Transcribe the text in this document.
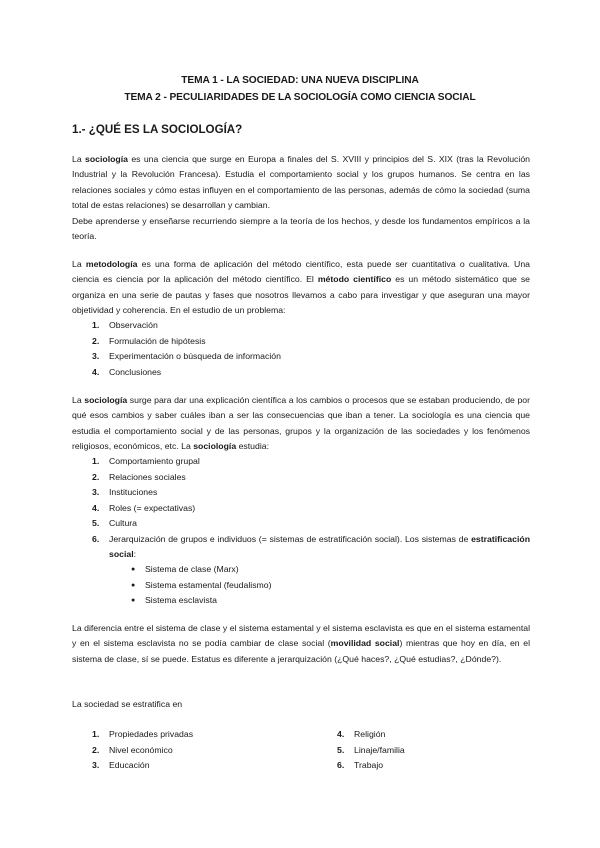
TEMA 1 - LA SOCIEDAD: UNA NUEVA DISCIPLINA
TEMA 2 - PECULIARIDADES DE LA SOCIOLOGÍA COMO CIENCIA SOCIAL
1.- ¿QUÉ ES LA SOCIOLOGÍA?

La sociología es una ciencia que surge en Europa a finales del S. XVIII y principios del S. XIX (tras la Revolución Industrial y la Revolución Francesa). Estudia el comportamiento social y los grupos humanos. Se centra en las relaciones sociales y cómo estas influyen en el comportamiento de las personas, además de cómo la sociedad (suma total de estas relaciones) se desarrollan y cambian.

Debe aprenderse y enseñarse recurriendo siempre a la teoría de los hechos, y desde los fundamentos empíricos a la teoría.

La metodología es una forma de aplicación del método científico, esta puede ser cuantitativa o cualitativa. Una ciencia es ciencia por la aplicación del método científico. El método científico es un método sistemático que se organiza en una serie de pautas y fases que nosotros llevamos a cabo para investigar y que aseguran una mayor objetividad y coherencia. En el estudio de un problema:

1.	Observación
2.	Formulación de hipótesis
3.	Experimentación o búsqueda de información
4.	Conclusiones

La sociología surge para dar una explicación científica a los cambios o procesos que se estaban produciendo, de por qué esos cambios y saber cuáles iban a ser las consecuencias que iban a tener. La sociología es una ciencia que estudia el comportamiento social y de las personas, grupos y la organización de las sociedades y los fenómenos religiosos, económicos, etc. La sociología estudia:

1.	Comportamiento grupal
2.	Relaciones sociales
3.	Instituciones
4.	Roles (= expectativas)
5.	Cultura
6.	Jerarquización de grupos e individuos (= sistemas de estratificación social). Los sistemas de estratificación social:
●	Sistema de clase (Marx)
●	Sistema estamental (feudalismo)
●	Sistema esclavista

La diferencia entre el sistema de clase y el sistema estamental y el sistema esclavista es que en el sistema estamental y en el sistema esclavista no se podía cambiar de clase social (movilidad social) mientras que hoy en día, en el sistema de clase, sí se puede. Estatus es diferente a jerarquización (¿Qué haces?, ¿Qué estudias?, ¿Dónde?).

La sociedad se estratifica en
1.	Propiedades privadas
2.	Nivel económico
3.	Educación
4.	Religión
5.	Linaje/familia
6.	Trabajo
